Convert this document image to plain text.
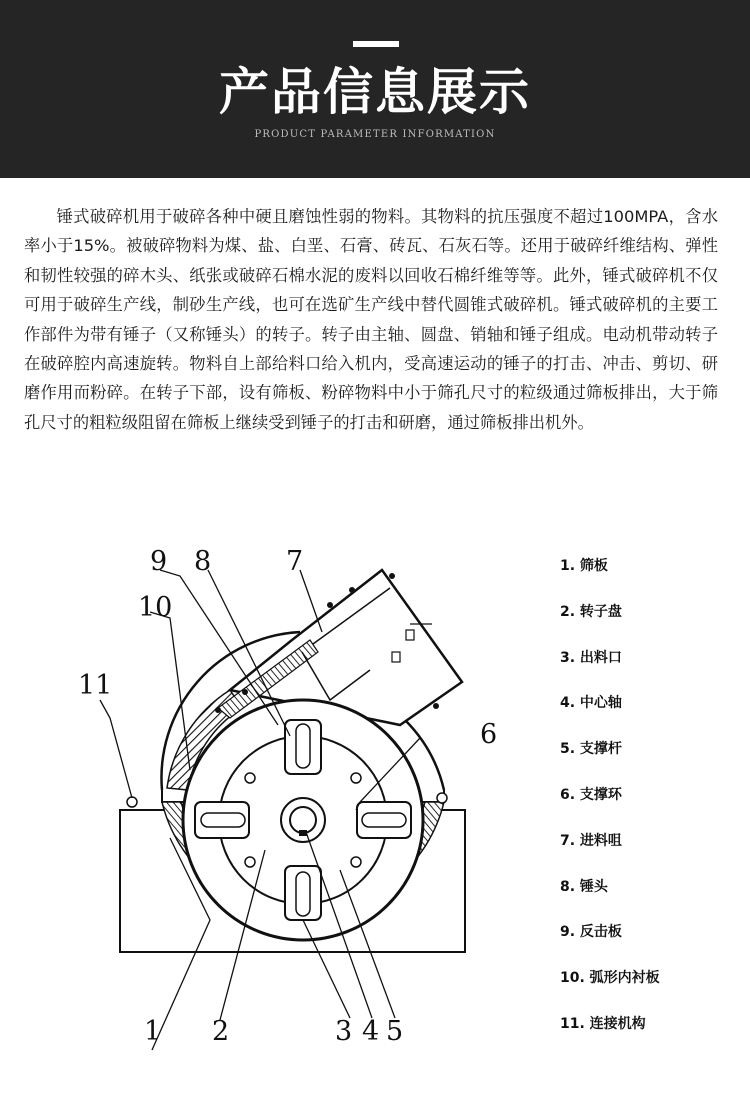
产品信息展示
PRODUCT PARAMETER INFORMATION

锤式破碎机用于破碎各种中硬且磨蚀性弱的物料。其物料的抗压强度不超过100MPA，含水率小于15%。被破碎物料为煤、盐、白垩、石膏、砖瓦、石灰石等。还用于破碎纤维结构、弹性和韧性较强的碎木头、纸张或破碎石棉水泥的废料以回收石棉纤维等等。此外，锤式破碎机不仅可用于破碎生产线，制砂生产线，也可在选矿生产线中替代圆锥式破碎机。锤式破碎机的主要工作部件为带有锤子（又称锤头）的转子。转子由主轴、圆盘、销轴和锤子组成。电动机带动转子在破碎腔内高速旋转。物料自上部给料口给入机内，受高速运动的锤子的打击、冲击、剪切、研磨作用而粉碎。在转子下部，设有筛板、粉碎物料中小于筛孔尺寸的粒级通过筛板排出，大于筛孔尺寸的粗粒级阻留在筛板上继续受到锤子的打击和研磨，通过筛板排出机外。

1 2	3 4 5
6
7
8
9
10
11
1. 筛板
2. 转子盘
3. 出料口
4. 中心轴
5. 支撑杆
6. 支撑环
7. 进料咀
8. 锤头
9. 反击板
10. 弧形内衬板
11. 连接机构
